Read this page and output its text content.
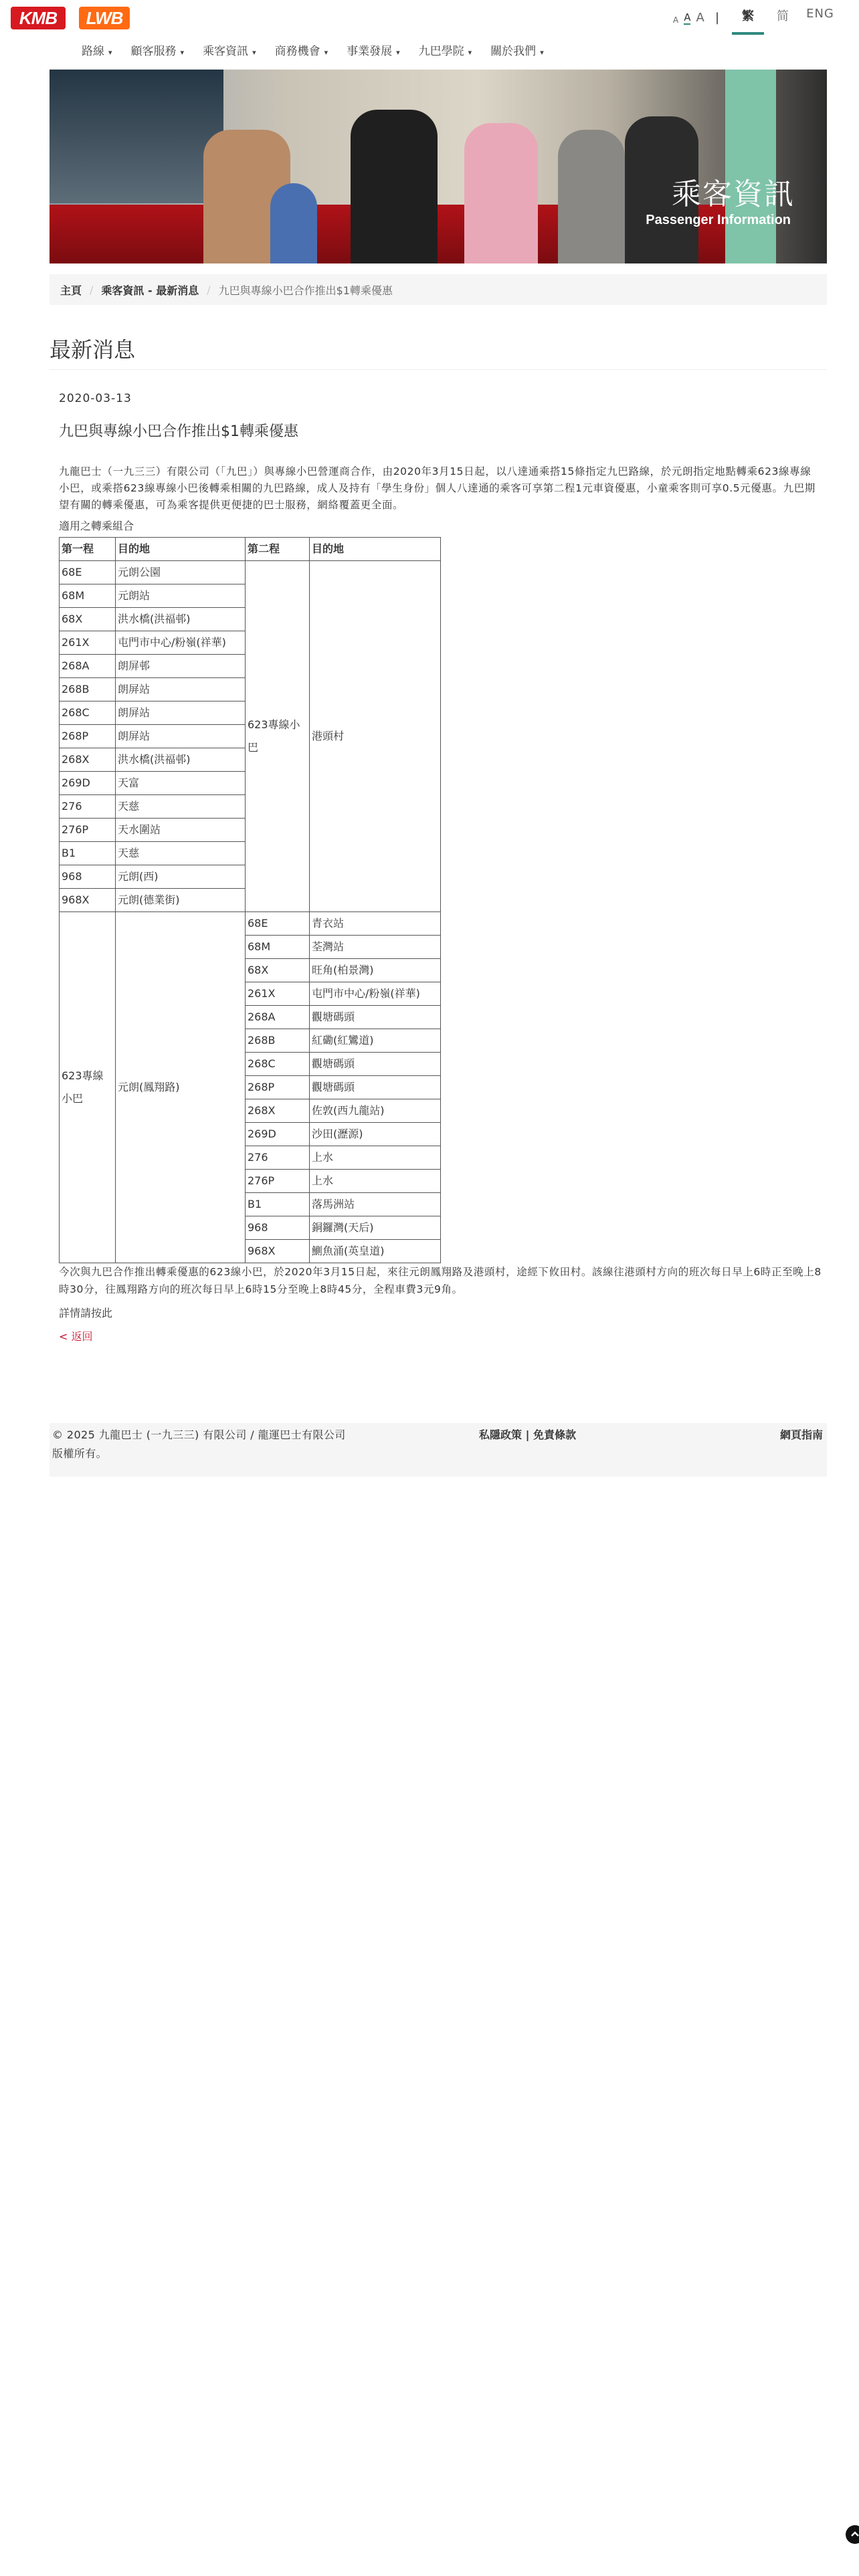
KMB	LWB	A A A |	繁	简	ENG
路線 ▾	顧客服務 ▾	乘客資訊 ▾	商務機會 ▾	事業發展 ▾	九巴學院 ▾	關於我們 ▾
乘客資訊
Passenger Information
主頁 / 乘客資訊 - 最新消息 / 九巴與專線小巴合作推出$1轉乘優惠
最新消息
2020-03-13
九巴與專線小巴合作推出$1轉乘優惠

九龍巴士（一九三三）有限公司（「九巴」）與專線小巴營運商合作，由2020年3月15日起，以八達通乘搭15條指定九巴路線，於元朗指定地點轉乘623線專線小巴，或乘搭623線專線小巴後轉乘相關的九巴路線，成人及持有「學生身份」個人八達通的乘客可享第二程1元車資優惠，小童乘客則可享0.5元優惠。九巴期望有關的轉乘優惠，可為乘客提供更便捷的巴士服務，網絡覆蓋更全面。

適用之轉乘組合

第一程	目的地	第二程	目的地
68E	元朗公園	623專線小巴	港頭村
68M	元朗站		
68X	洪水橋(洪福邨)		
261X	屯門市中心/粉嶺(祥華)		
268A	朗屏邨		
268B	朗屏站		
268C	朗屏站		
268P	朗屏站		
268X	洪水橋(洪福邨)		
269D	天富		
276	天慈		
276P	天水圍站		
B1	天慈		
968	元朗(西)		
968X	元朗(德業街)		
623專線小巴	元朗(鳳翔路)	68E	青衣站
		68M	荃灣站
		68X	旺角(柏景灣)
		261X	屯門市中心/粉嶺(祥華)
		268A	觀塘碼頭
		268B	紅磡(紅鸞道)
		268C	觀塘碼頭
		268P	觀塘碼頭
		268X	佐敦(西九龍站)
		269D	沙田(瀝源)
		276	上水
		276P	上水
		B1	落馬洲站
		968	銅鑼灣(天后)
		968X	鰂魚涌(英皇道)

今次與九巴合作推出轉乘優惠的623線小巴，於2020年3月15日起，來往元朗鳳翔路及港頭村，途經下攸田村。該線往港頭村方向的班次每日早上6時正至晚上8時30分，往鳳翔路方向的班次每日早上6時15分至晚上8時45分，全程車費3元9角。

詳情請按此

< 返回
© 2025 九龍巴士 (一九三三) 有限公司 / 龍運巴士有限公司
版權所有。
私隱政策 | 免責條款	網頁指南
